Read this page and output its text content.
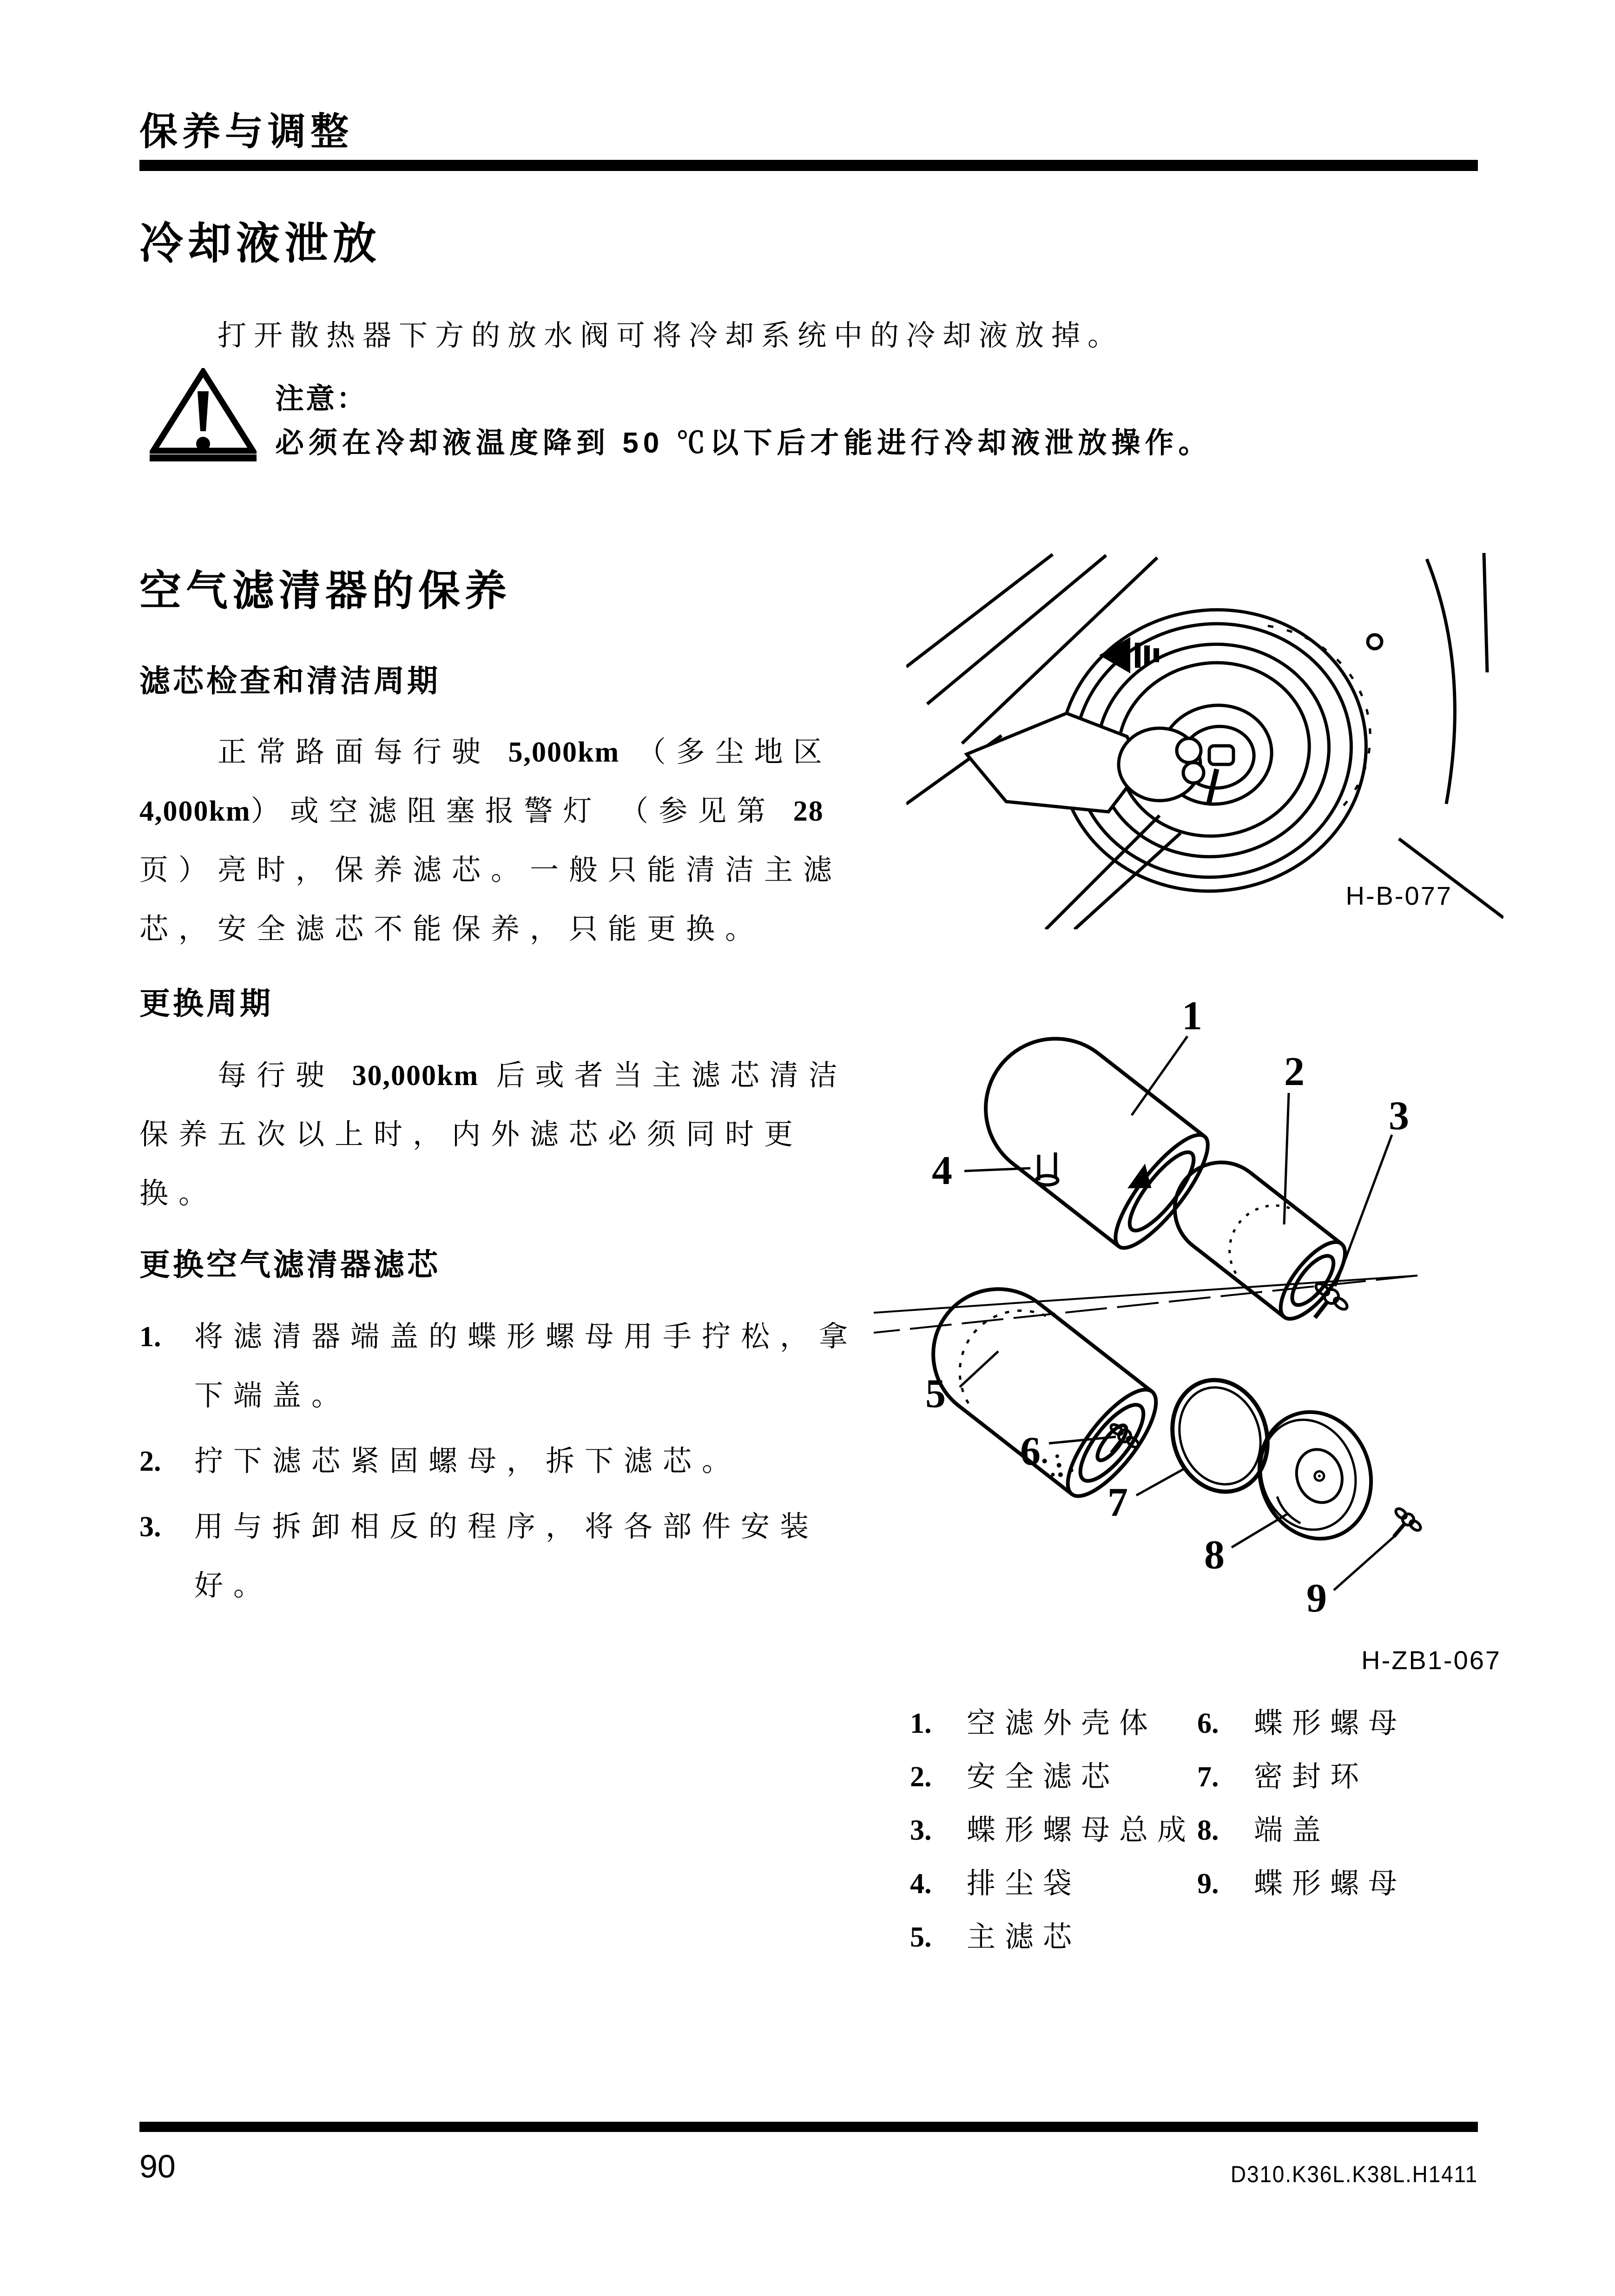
保养与调整
冷却液泄放
打开散热器下方的放水阀可将冷却系统中的冷却液放掉。
注意：
必须在冷却液温度降到 50 ℃以下后才能进行冷却液泄放操作。
空气滤清器的保养
滤芯检查和清洁周期
正常路面每行驶 5,000km （多尘地区
4,000km）或空滤阻塞报警灯 （参见第 28
页）亮时，保养滤芯。一般只能清洁主滤
芯，安全滤芯不能保养，只能更换。
更换周期
每行驶 30,000km 后或者当主滤芯清洁
保养五次以上时，内外滤芯必须同时更
换。
更换空气滤清器滤芯
1.	将滤清器端盖的蝶形螺母用手拧松，拿
下端盖。
2.	拧下滤芯紧固螺母，拆下滤芯。
3.	用与拆卸相反的程序，将各部件安装
好。
H-B-077
1
2
3
4
5
6
7
8
9
H-ZB1-067
1.	空滤外壳体
2.	安全滤芯
3.	蝶形螺母总成
4.	排尘袋
5.	主滤芯
6.	蝶形螺母
7.	密封环
8.	端盖
9.	蝶形螺母
90	D310.K36L.K38L.H1411
